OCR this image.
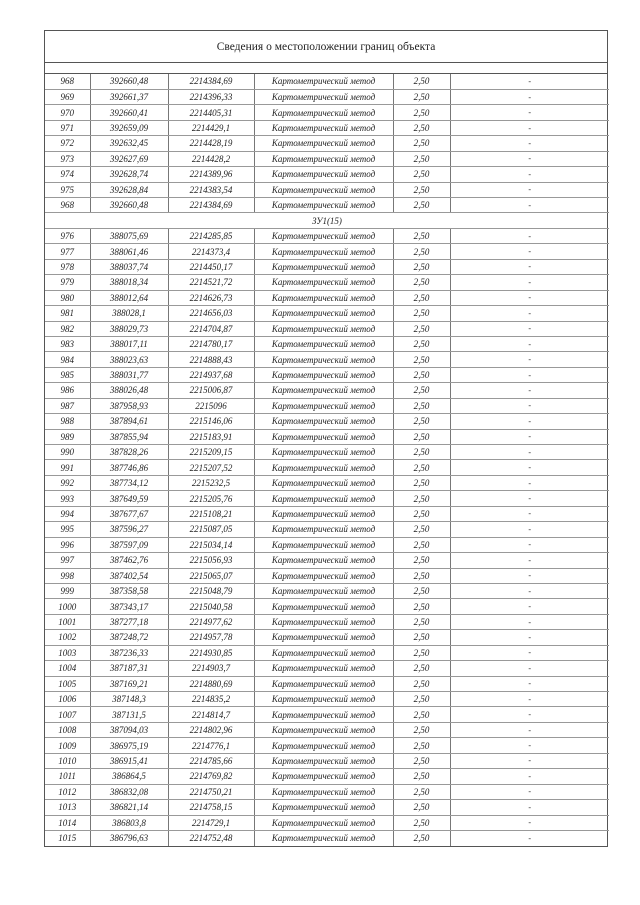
Сведения о местоположении границ объекта
968	392660,48	2214384,69	Картометрический метод	2,50	-
969	392661,37	2214396,33	Картометрический метод	2,50	-
970	392660,41	2214405,31	Картометрический метод	2,50	-
971	392659,09	2214429,1	Картометрический метод	2,50	-
972	392632,45	2214428,19	Картометрический метод	2,50	-
973	392627,69	2214428,2	Картометрический метод	2,50	-
974	392628,74	2214389,96	Картометрический метод	2,50	-
975	392628,84	2214383,54	Картометрический метод	2,50	-
968	392660,48	2214384,69	Картометрический метод	2,50	-
ЗУ1(15)					
976	388075,69	2214285,85	Картометрический метод	2,50	-
977	388061,46	2214373,4	Картометрический метод	2,50	-
978	388037,74	2214450,17	Картометрический метод	2,50	-
979	388018,34	2214521,72	Картометрический метод	2,50	-
980	388012,64	2214626,73	Картометрический метод	2,50	-
981	388028,1	2214656,03	Картометрический метод	2,50	-
982	388029,73	2214704,87	Картометрический метод	2,50	-
983	388017,11	2214780,17	Картометрический метод	2,50	-
984	388023,63	2214888,43	Картометрический метод	2,50	-
985	388031,77	2214937,68	Картометрический метод	2,50	-
986	388026,48	2215006,87	Картометрический метод	2,50	-
987	387958,93	2215096	Картометрический метод	2,50	-
988	387894,61	2215146,06	Картометрический метод	2,50	-
989	387855,94	2215183,91	Картометрический метод	2,50	-
990	387828,26	2215209,15	Картометрический метод	2,50	-
991	387746,86	2215207,52	Картометрический метод	2,50	-
992	387734,12	2215232,5	Картометрический метод	2,50	-
993	387649,59	2215205,76	Картометрический метод	2,50	-
994	387677,67	2215108,21	Картометрический метод	2,50	-
995	387596,27	2215087,05	Картометрический метод	2,50	-
996	387597,09	2215034,14	Картометрический метод	2,50	-
997	387462,76	2215056,93	Картометрический метод	2,50	-
998	387402,54	2215065,07	Картометрический метод	2,50	-
999	387358,58	2215048,79	Картометрический метод	2,50	-
1000	387343,17	2215040,58	Картометрический метод	2,50	-
1001	387277,18	2214977,62	Картометрический метод	2,50	-
1002	387248,72	2214957,78	Картометрический метод	2,50	-
1003	387236,33	2214930,85	Картометрический метод	2,50	-
1004	387187,31	2214903,7	Картометрический метод	2,50	-
1005	387169,21	2214880,69	Картометрический метод	2,50	-
1006	387148,3	2214835,2	Картометрический метод	2,50	-
1007	387131,5	2214814,7	Картометрический метод	2,50	-
1008	387094,03	2214802,96	Картометрический метод	2,50	-
1009	386975,19	2214776,1	Картометрический метод	2,50	-
1010	386915,41	2214785,66	Картометрический метод	2,50	-
1011	386864,5	2214769,82	Картометрический метод	2,50	-
1012	386832,08	2214750,21	Картометрический метод	2,50	-
1013	386821,14	2214758,15	Картометрический метод	2,50	-
1014	386803,8	2214729,1	Картометрический метод	2,50	-
1015	386796,63	2214752,48	Картометрический метод	2,50	-
